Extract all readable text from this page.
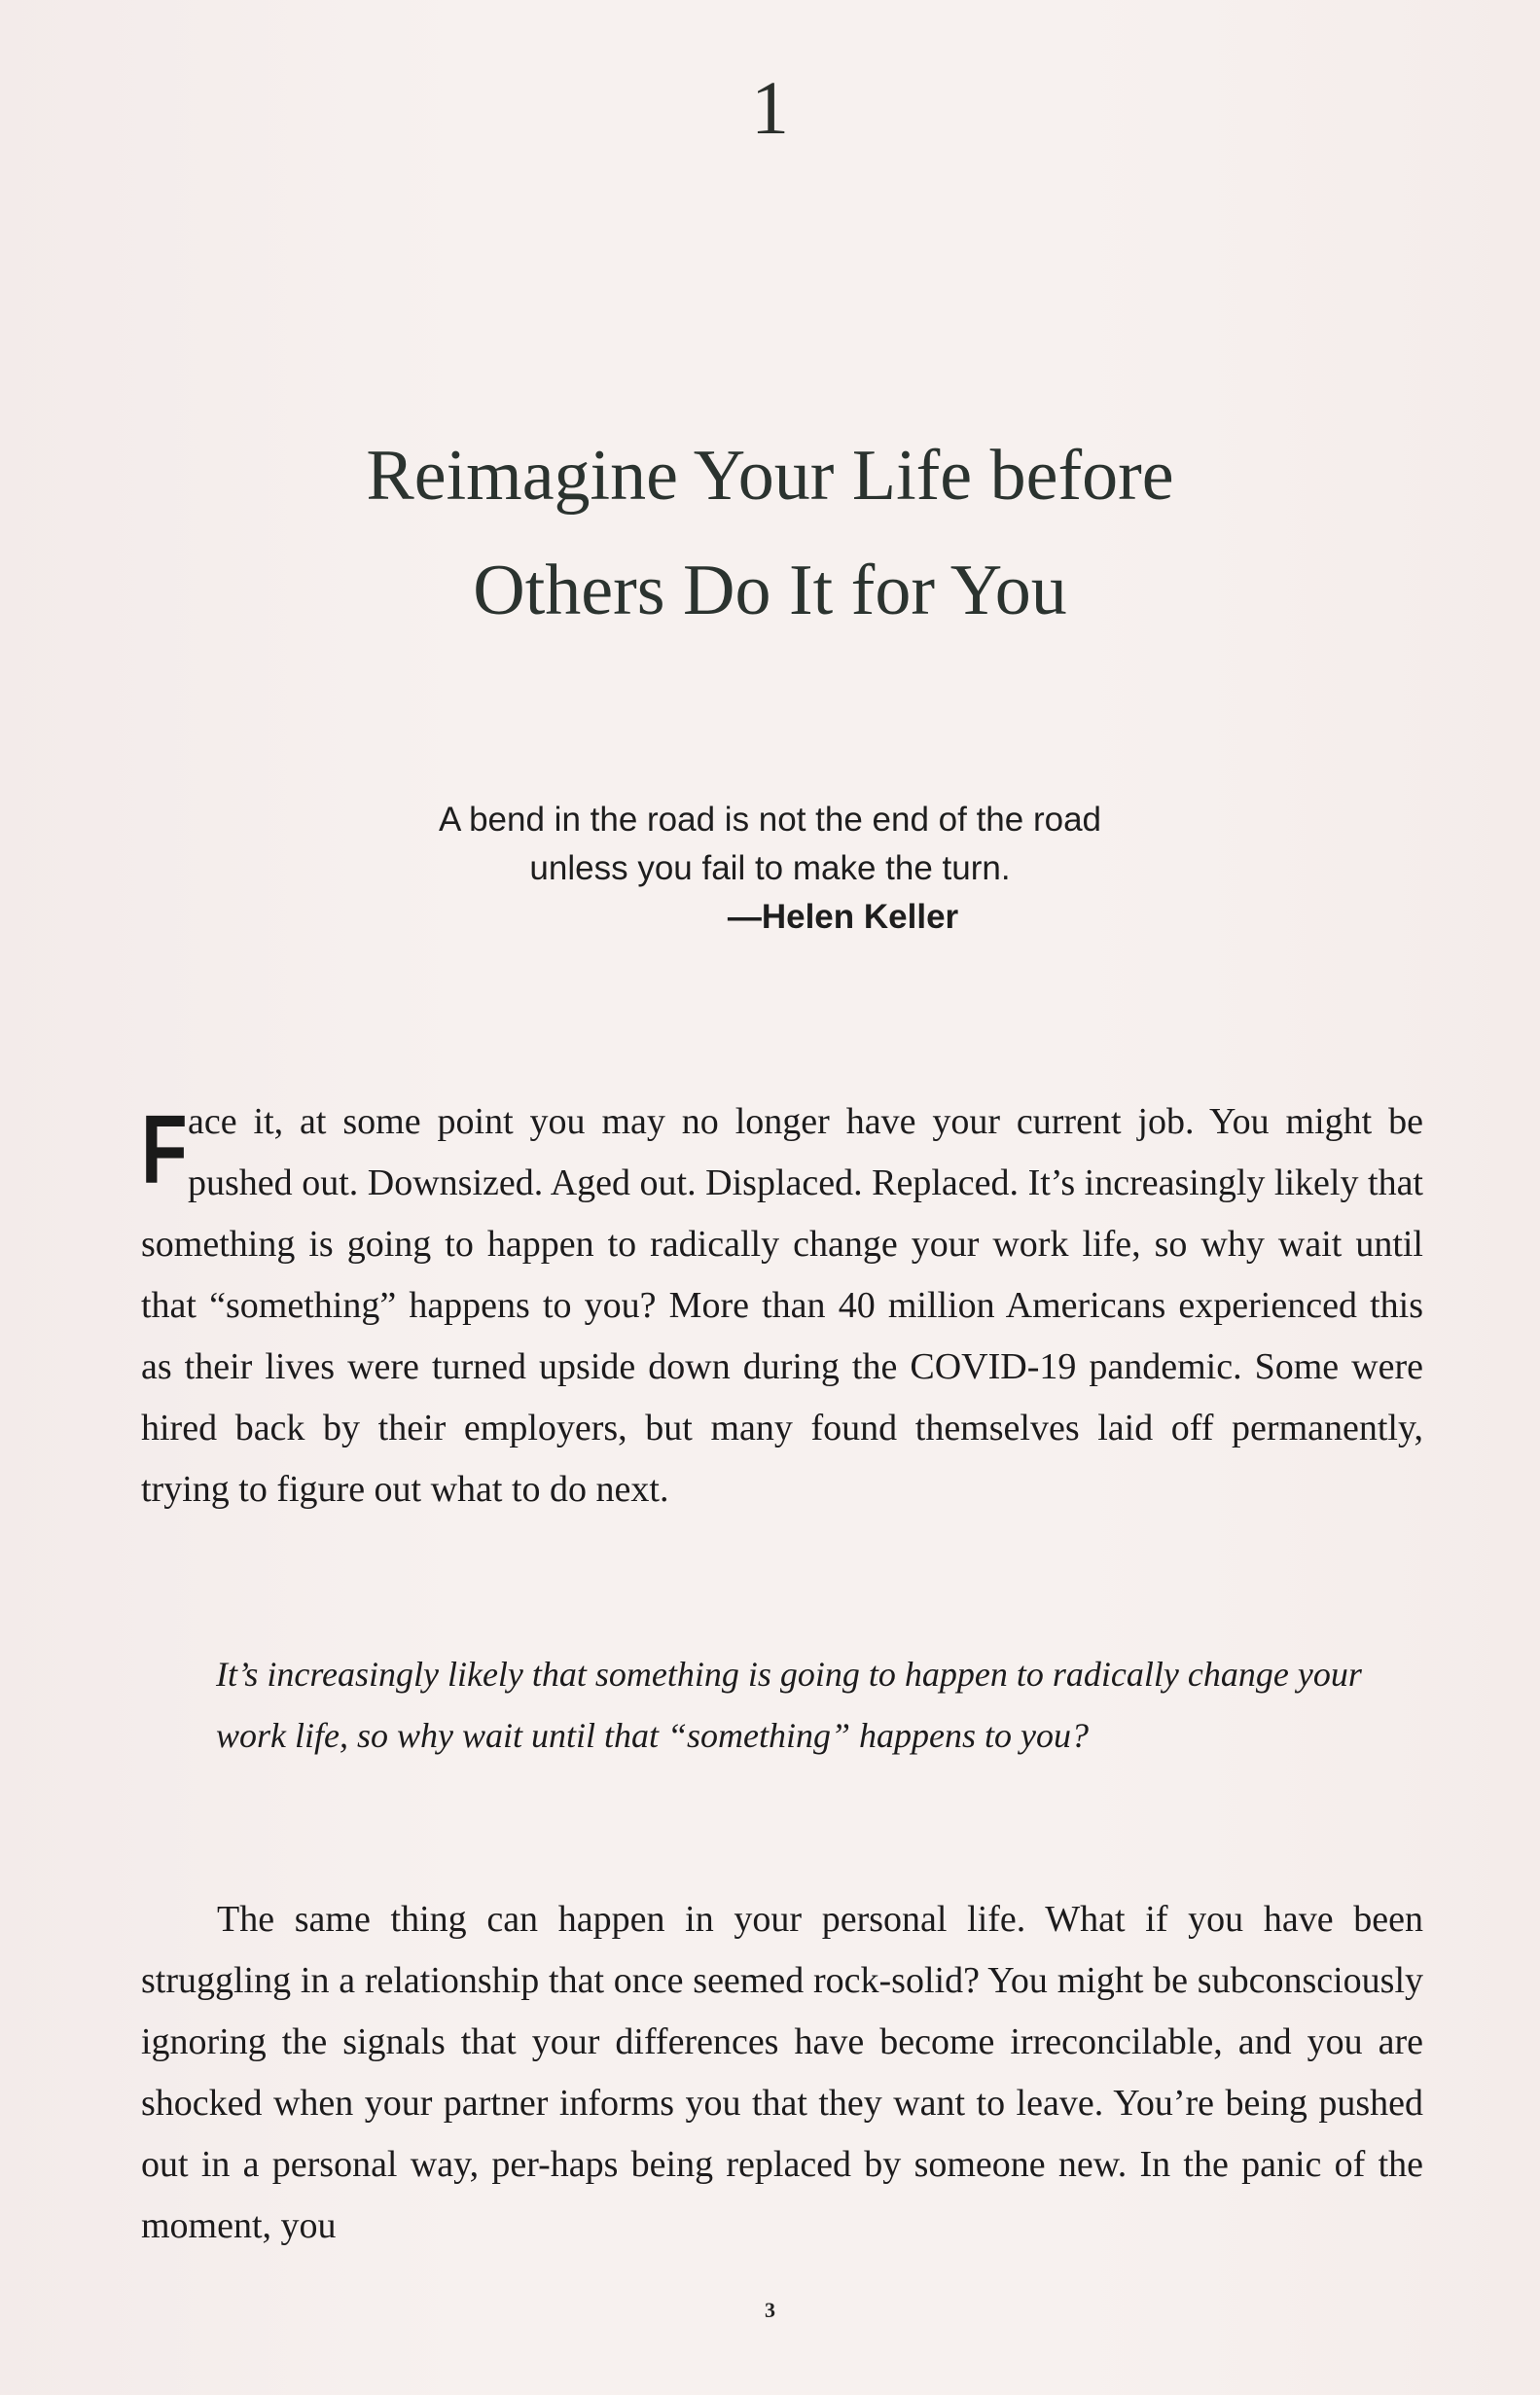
1
Reimagine Your Life before
Others Do It for You
A bend in the road is not the end of the road
unless you fail to make the turn.
—Helen Keller
Face it, at some point you may no longer have your current job. You might be pushed out. Downsized. Aged out. Displaced. Replaced. It’s increasingly likely that something is going to happen to radically change your work life, so why wait until that “something” happens to you? More than 40 million Americans experienced this as their lives were turned upside down during the COVID-19 pandemic. Some were hired back by their employers, but many found themselves laid off permanently, trying to figure out what to do next.
It’s increasingly likely that something is going to happen to radically change your work life, so why wait until that “something” happens to you?
The same thing can happen in your personal life. What if you have been struggling in a relationship that once seemed rock-solid? You might be subconsciously ignoring the signals that your differences have become irreconcilable, and you are shocked when your partner informs you that they want to leave. You’re being pushed out in a personal way, per-haps being replaced by someone new. In the panic of the moment, you
3
